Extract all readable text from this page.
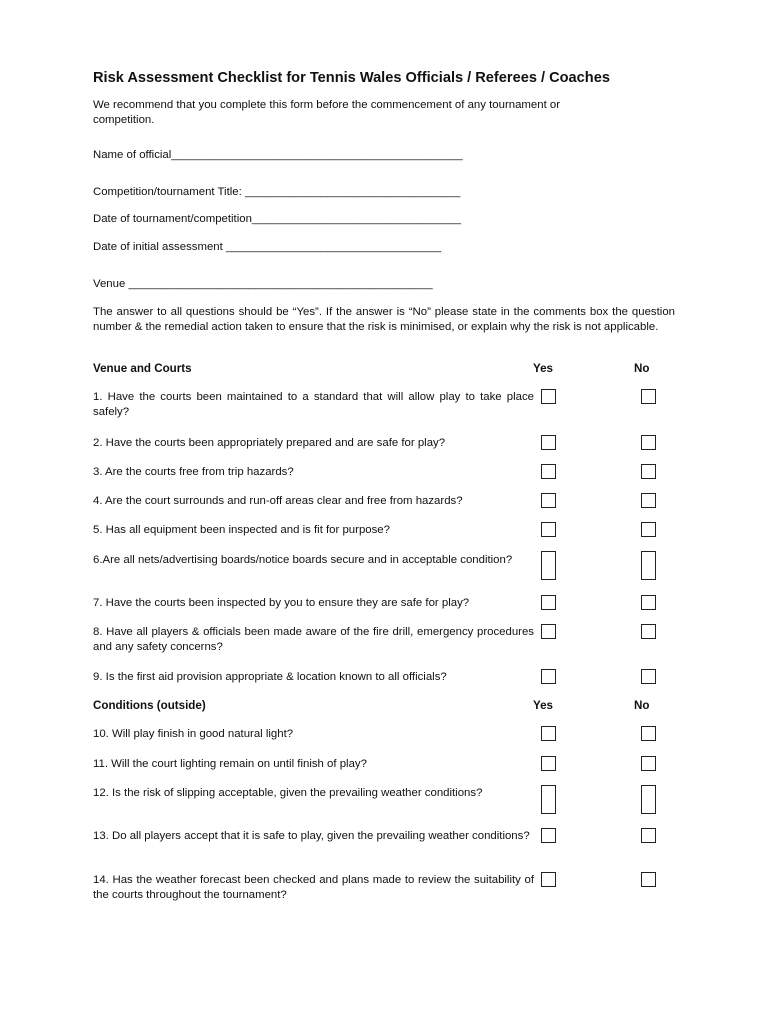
Risk Assessment Checklist for Tennis Wales Officials / Referees / Coaches
We recommend that you complete this form before the commencement of any tournament or competition.
Name of official______________________________________________
Competition/tournament Title: __________________________________
Date of tournament/competition_________________________________
Date of initial assessment __________________________________
Venue ________________________________________________
The answer to all questions should be “Yes”. If the answer is “No” please state in the comments box the question number & the remedial action taken to ensure that the risk is minimised, or explain why the risk is not applicable.
Venue and Courts	Yes	No
1. Have the courts been maintained to a standard that will allow play to take place safely?
2. Have the courts been appropriately prepared and are safe for play?
3. Are the courts free from trip hazards?
4. Are the court surrounds and run-off areas clear and free from hazards?
5. Has all equipment been inspected and is fit for purpose?
6.Are all nets/advertising boards/notice boards secure and in acceptable condition?
7. Have the courts been inspected by you to ensure they are safe for play?
8. Have all players & officials been made aware of the fire drill, emergency procedures and any safety concerns?
9. Is the first aid provision appropriate & location known to all officials?
Conditions (outside)	Yes	No
10. Will play finish in good natural light?
11. Will the court lighting remain on until finish of play?
12. Is the risk of slipping acceptable, given the prevailing weather conditions?
13. Do all players accept that it is safe to play, given the prevailing weather conditions?
14. Has the weather forecast been checked and plans made to review the suitability of the courts throughout the tournament?
